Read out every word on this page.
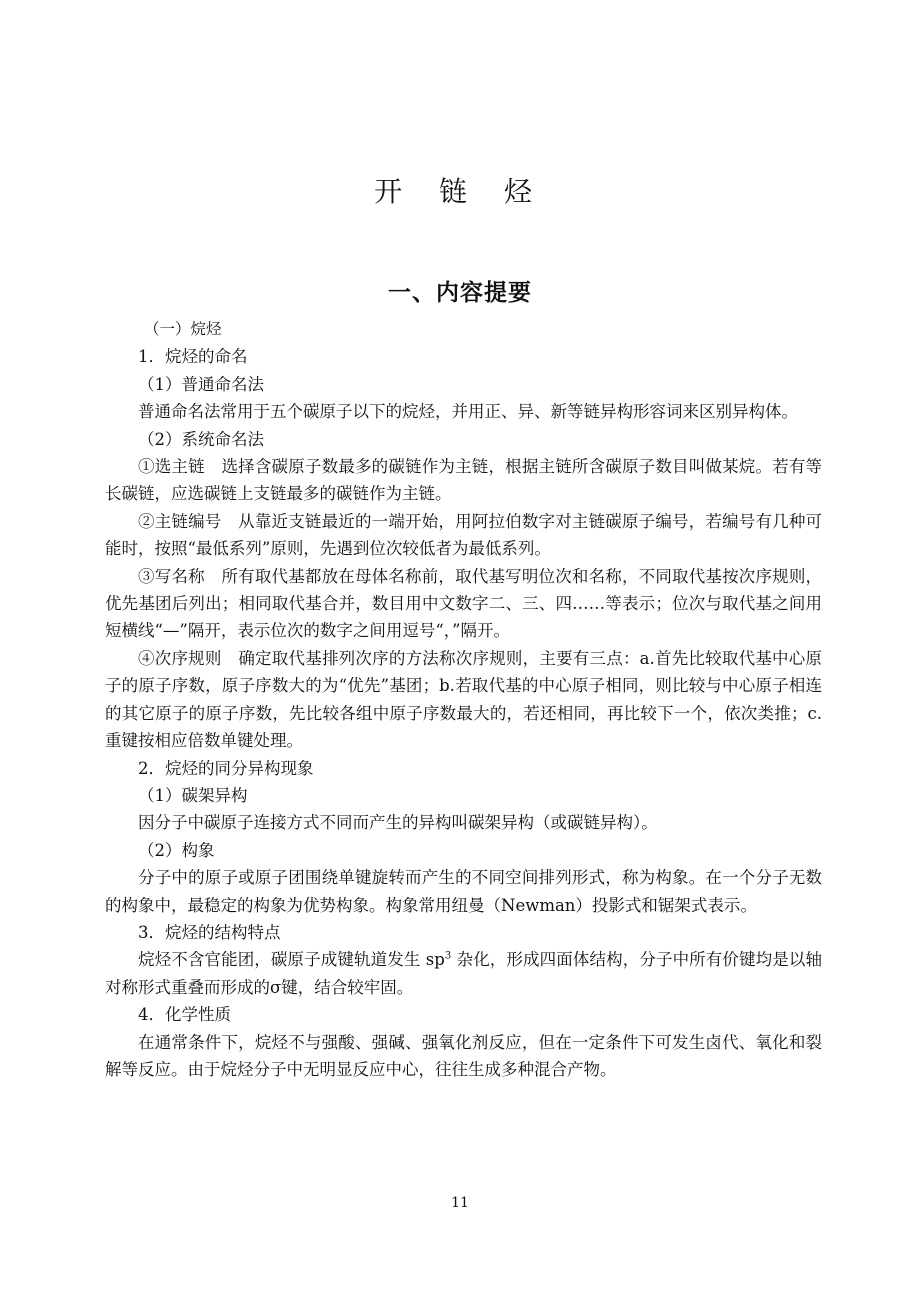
开 链 烃
一、内容提要
（一）烷烃
1．烷烃的命名
（1）普通命名法
普通命名法常用于五个碳原子以下的烷烃，并用正、异、新等链异构形容词来区别异构体。
（2）系统命名法
①选主链　选择含碳原子数最多的碳链作为主链，根据主链所含碳原子数目叫做某烷。若有等长碳链，应选碳链上支链最多的碳链作为主链。
②主链编号　从靠近支链最近的一端开始，用阿拉伯数字对主链碳原子编号，若编号有几种可能时，按照“最低系列”原则，先遇到位次较低者为最低系列。
③写名称　所有取代基都放在母体名称前，取代基写明位次和名称，不同取代基按次序规则，优先基团后列出；相同取代基合并，数目用中文数字二、三、四……等表示；位次与取代基之间用短横线“—”隔开，表示位次的数字之间用逗号“，”隔开。
④次序规则　确定取代基排列次序的方法称次序规则，主要有三点：a.首先比较取代基中心原子的原子序数，原子序数大的为“优先”基团；b.若取代基的中心原子相同，则比较与中心原子相连的其它原子的原子序数，先比较各组中原子序数最大的，若还相同，再比较下一个，依次类推；c.重键按相应倍数单键处理。
2．烷烃的同分异构现象
（1）碳架异构
因分子中碳原子连接方式不同而产生的异构叫碳架异构（或碳链异构）。
（2）构象
分子中的原子或原子团围绕单键旋转而产生的不同空间排列形式，称为构象。在一个分子无数的构象中，最稳定的构象为优势构象。构象常用纽曼（Newman）投影式和锯架式表示。
3．烷烃的结构特点
烷烃不含官能团，碳原子成键轨道发生 $sp^3$ 杂化，形成四面体结构，分子中所有价键均是以轴对称形式重叠而形成的σ键，结合较牢固。
4．化学性质
在通常条件下，烷烃不与强酸、强碱、强氧化剂反应，但在一定条件下可发生卤代、氧化和裂解等反应。由于烷烃分子中无明显反应中心，往往生成多种混合产物。
11
